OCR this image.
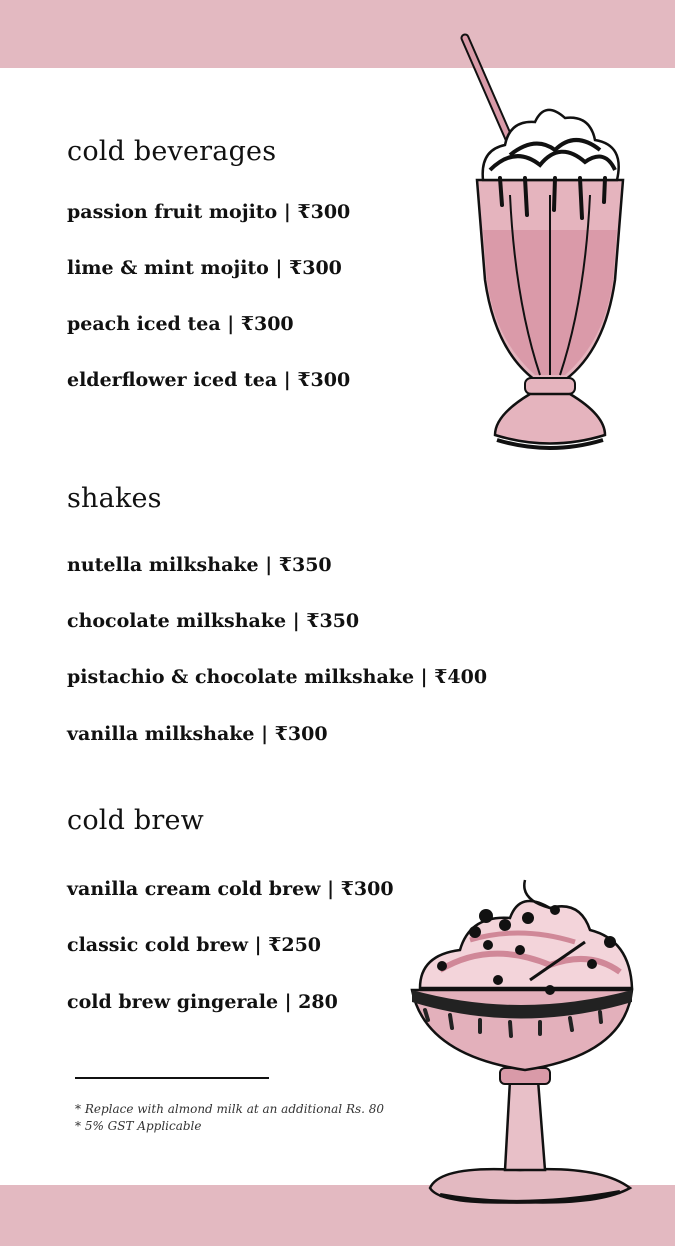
cold beverages

passion fruit mojito | ₹300

lime & mint mojito | ₹300

peach iced tea | ₹300

elderflower iced tea | ₹300

shakes

nutella milkshake | ₹350

chocolate milkshake | ₹350

pistachio & chocolate milkshake | ₹400

vanilla milkshake | ₹300

cold brew

vanilla cream cold brew | ₹300

classic cold brew | ₹250

cold brew gingerale | 280

* Replace with almond milk at an additional Rs. 80

* 5% GST Applicable
